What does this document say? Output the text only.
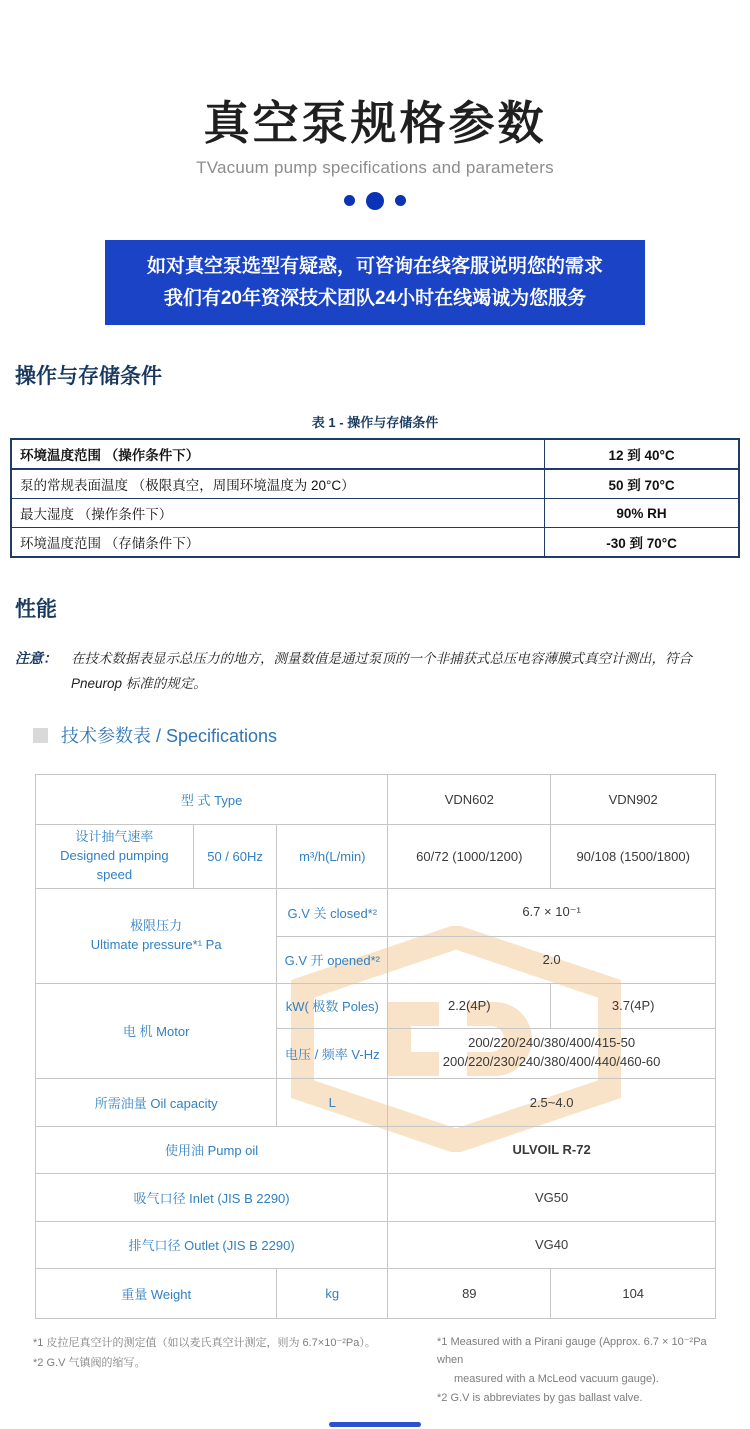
真空泵规格参数
TVacuum pump specifications and parameters
如对真空泵选型有疑惑，可咨询在线客服说明您的需求
我们有20年资深技术团队24小时在线竭诚为您服务
操作与存储条件
表 1 - 操作与存储条件
环境温度范围 （操作条件下）	12 到 40°C
泵的常规表面温度 （极限真空，周围环境温度为 20°C）	50 到 70°C
最大湿度 （操作条件下）	90% RH
环境温度范围 （存储条件下）	-30 到 70°C
性能
注意： 在技术数据表显示总压力的地方，测量数值是通过泵顶的一个非捕获式总压电容薄膜式真空计测出，符合 Pneurop 标准的规定。
技术参数表 / Specifications
型 式 Type			VDN602	VDN902

设计抽气速率
Designed pumping speed	50 / 60Hz	m³/h(L/min)	60/72 (1000/1200)	90/108 (1500/1800)

极限压力
Ultimate pressure*¹ Pa		G.V 关 closed*²	6.7 × 10⁻¹	
		G.V 开 opened*²	2.0	
电 机 Motor		kW( 极数 Poles)	2.2(4P)	3.7(4P)
		电压 / 频率 V-Hz	200/220/240/380/400/415-50
200/220/230/240/380/400/440/460-60	

所需油量 Oil capacity		L	2.5~4.0	
使用油 Pump oil			ULVOIL R-72	
吸气口径 Inlet (JIS B 2290)			VG50	
排气口径 Outlet (JIS B 2290)			VG40	
重量 Weight		kg	89	104
*1 皮拉尼真空计的测定值（如以麦氏真空计测定，则为 6.7×10⁻²Pa）。
*2 G.V 气镇阀的缩写。
*1 Measured with a Pirani gauge (Approx. 6.7 × 10⁻²Pa when
measured with a McLeod vacuum gauge).
*2 G.V is abbreviates by gas ballast valve.
